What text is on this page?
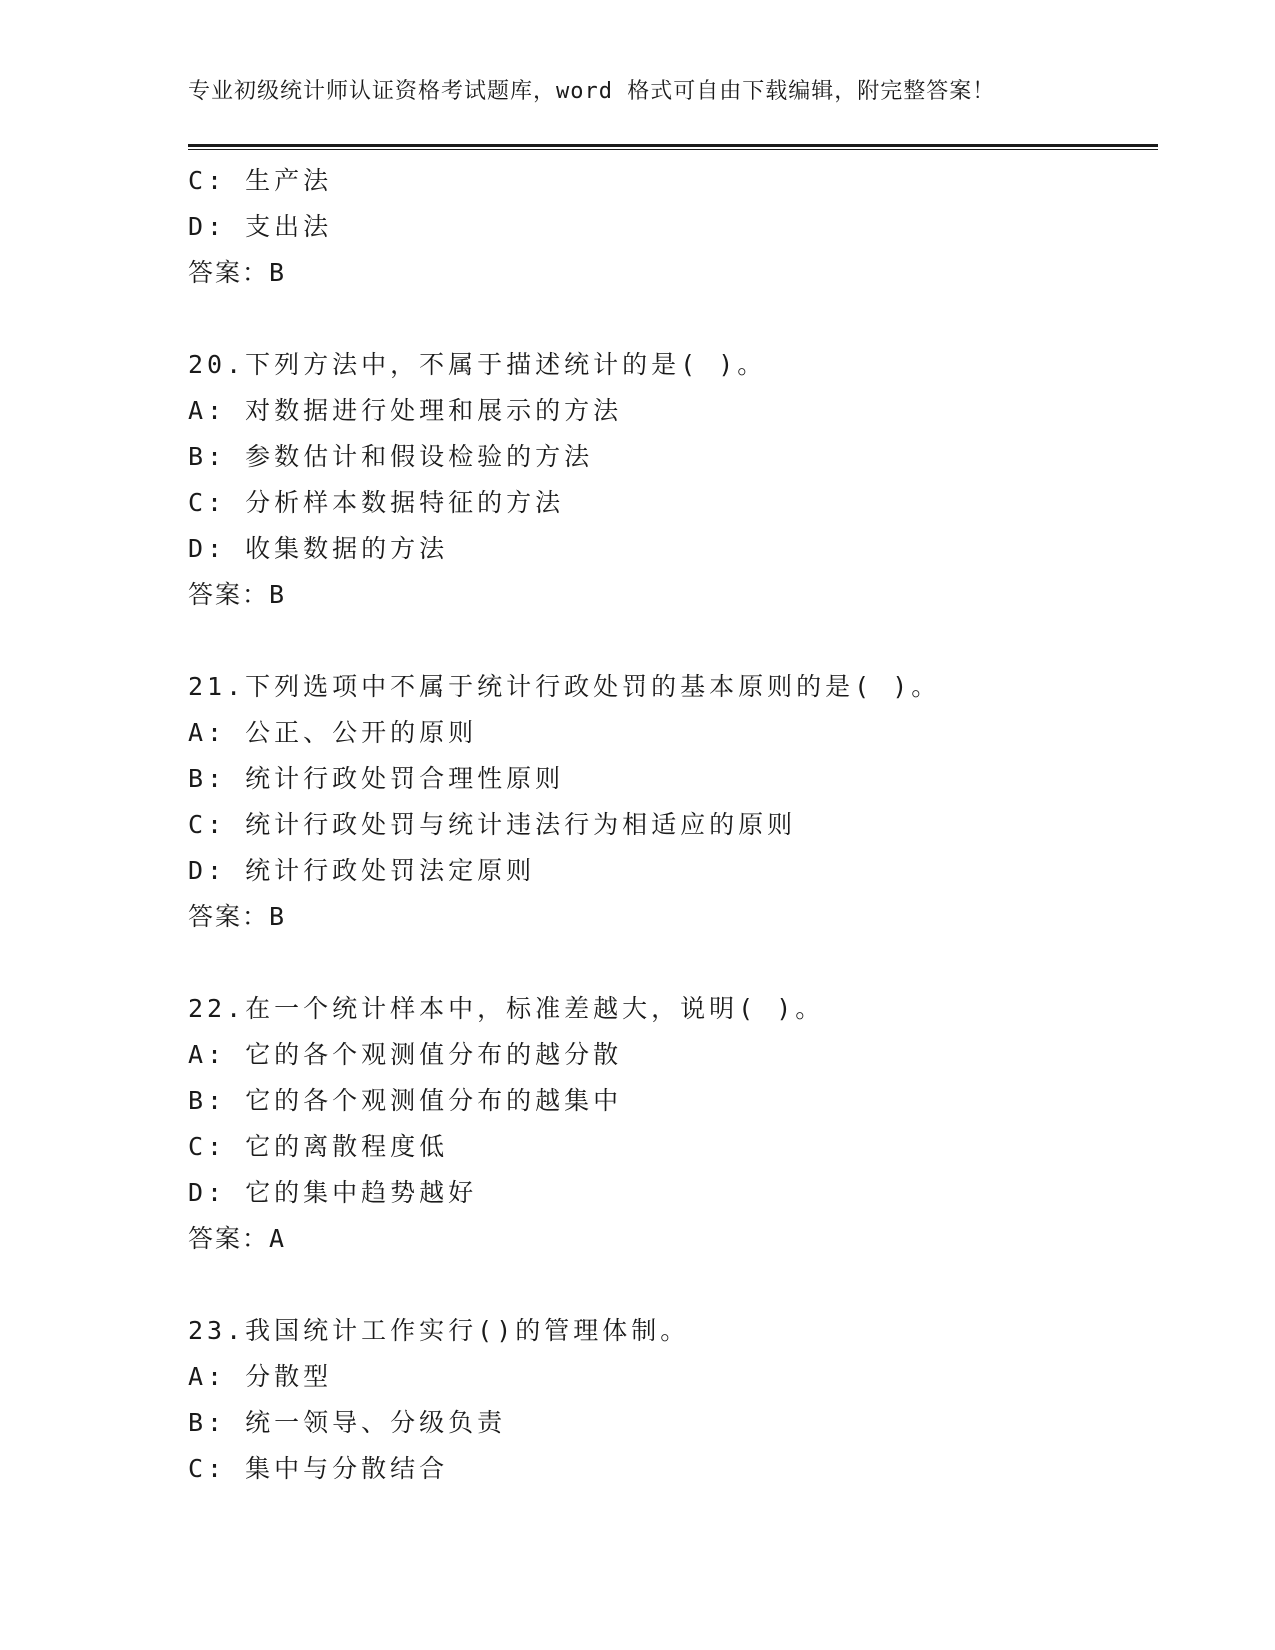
专业初级统计师认证资格考试题库，word 格式可自由下载编辑，附完整答案！
C: 生产法
D: 支出法
答案：B
20.下列方法中，不属于描述统计的是( )。
A: 对数据进行处理和展示的方法
B: 参数估计和假设检验的方法
C: 分析样本数据特征的方法
D: 收集数据的方法
答案：B
21.下列选项中不属于统计行政处罚的基本原则的是( )。
A: 公正、公开的原则
B: 统计行政处罚合理性原则
C: 统计行政处罚与统计违法行为相适应的原则
D: 统计行政处罚法定原则
答案：B
22.在一个统计样本中，标准差越大，说明( )。
A: 它的各个观测值分布的越分散
B: 它的各个观测值分布的越集中
C: 它的离散程度低
D: 它的集中趋势越好
答案：A
23.我国统计工作实行()的管理体制。
A: 分散型
B: 统一领导、分级负责
C: 集中与分散结合
